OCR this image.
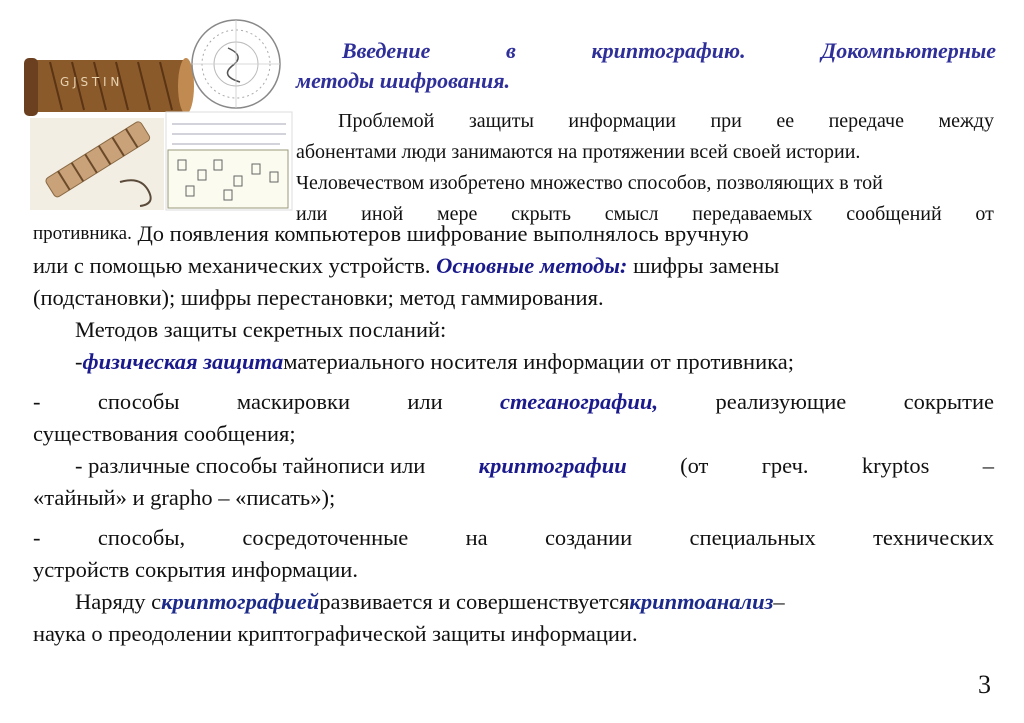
G J S T I N
Введение	в	криптографию.	Докомпьютерные
методы шифрования.
Проблемой защиты информации при ее передаче между
абонентами люди занимаются на протяжении всей своей истории.
Человечеством изобретено множество способов, позволяющих в той
или иной мере скрыть смысл передаваемых сообщений от
противника.
До появления компьютеров шифрование выполнялось вручную
или с помощью механических устройств.
Основные методы:
шифры замены
(подстановки); шифры перестановки; метод гаммирования.
Методов защиты секретных посланий:
- физическая защита материального носителя информации от противника;
-	способы	маскировки	или	стеганографии,	реализующие	сокрытие
существования сообщения;
- различные способы тайнописи или криптографии (от греч. kryptos –
«тайный» и grapho – «писать»);
-	способы,	сосредоточенные	на	создании	специальных	технических
устройств сокрытия информации.
Наряду с криптографией развивается и совершенствуется криптоанализ –
наука о преодолении криптографической защиты информации.
3
